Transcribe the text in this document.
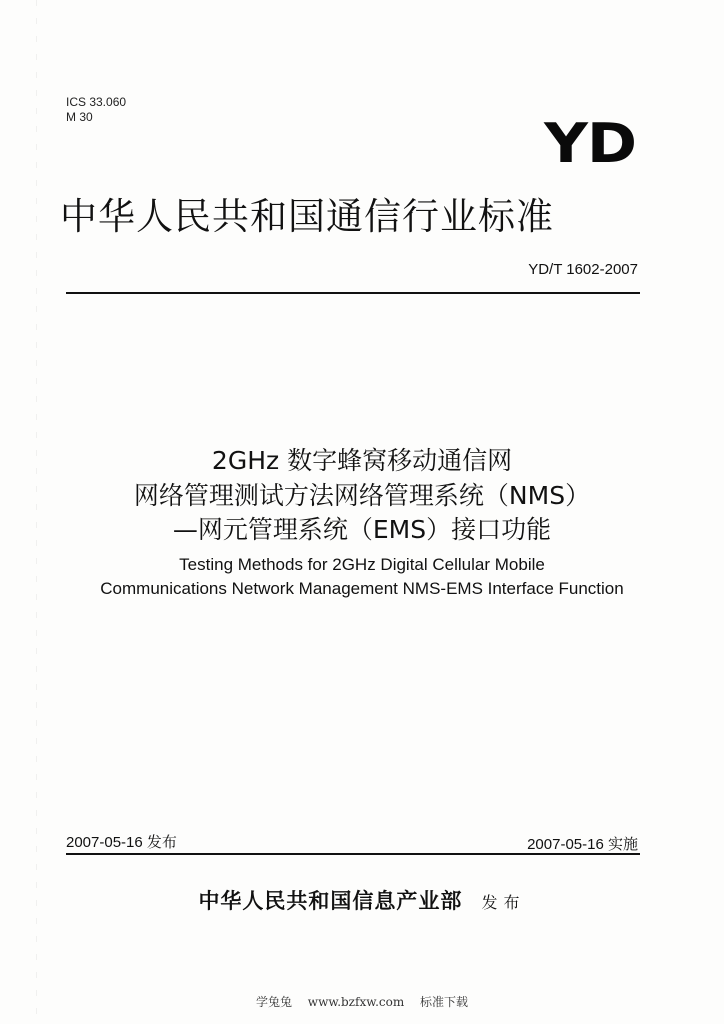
ICS 33.060
M 30	YD
中华人民共和国通信行业标准
YD/T 1602-2007
2GHz 数字蜂窝移动通信网
网络管理测试方法网络管理系统（NMS）
—网元管理系统（EMS）接口功能
Testing Methods for 2GHz Digital Cellular Mobile
Communications Network Management NMS-EMS Interface Function
2007-05-16 发布	2007-05-16 实施
中华人民共和国信息产业部 发布
学兔兔 www.bzfxw.com 标准下载
